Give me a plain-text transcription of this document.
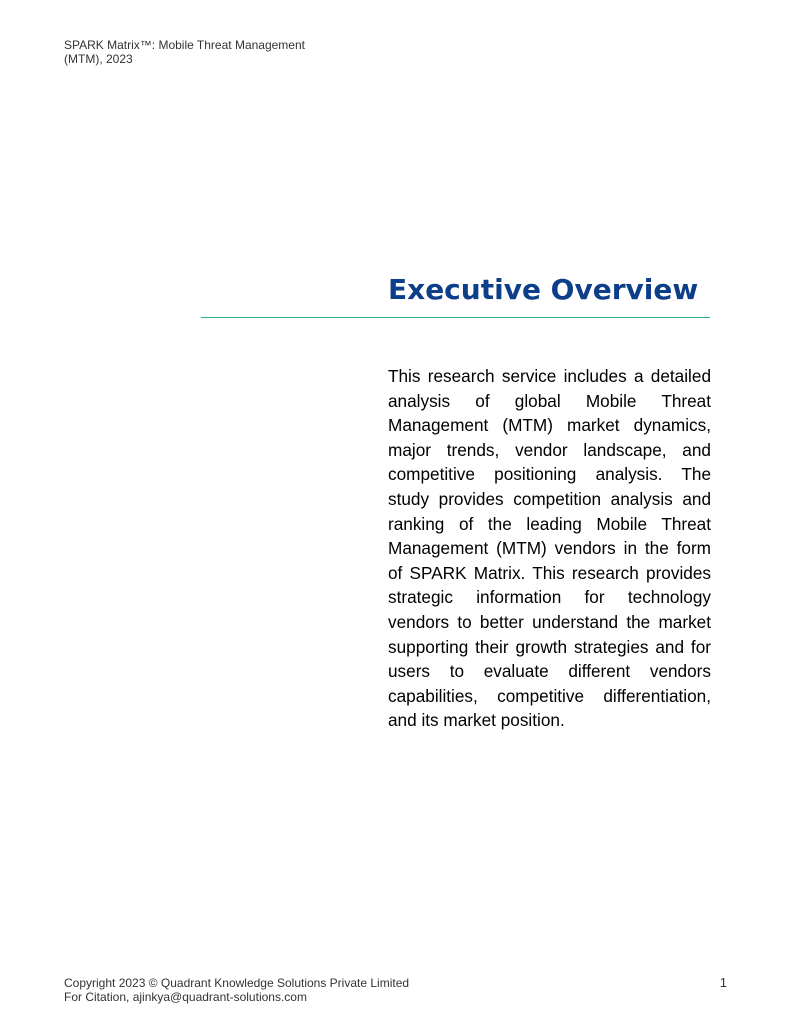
SPARK Matrix™: Mobile Threat Management
(MTM), 2023
Executive Overview

This research service includes a detailed analysis of global Mobile Threat Management (MTM) market dynamics, major trends, vendor landscape, and competitive positioning analysis. The study provides competition analysis and ranking of the leading Mobile Threat Management (MTM) vendors in the form of SPARK Matrix. This research provides strategic information for technology vendors to better understand the market supporting their growth strategies and for users to evaluate different vendors capabilities, competitive differentiation, and its market position.

Copyright 2023 © Quadrant Knowledge Solutions Private Limited
For Citation, ajinkya@quadrant-solutions.com
1
